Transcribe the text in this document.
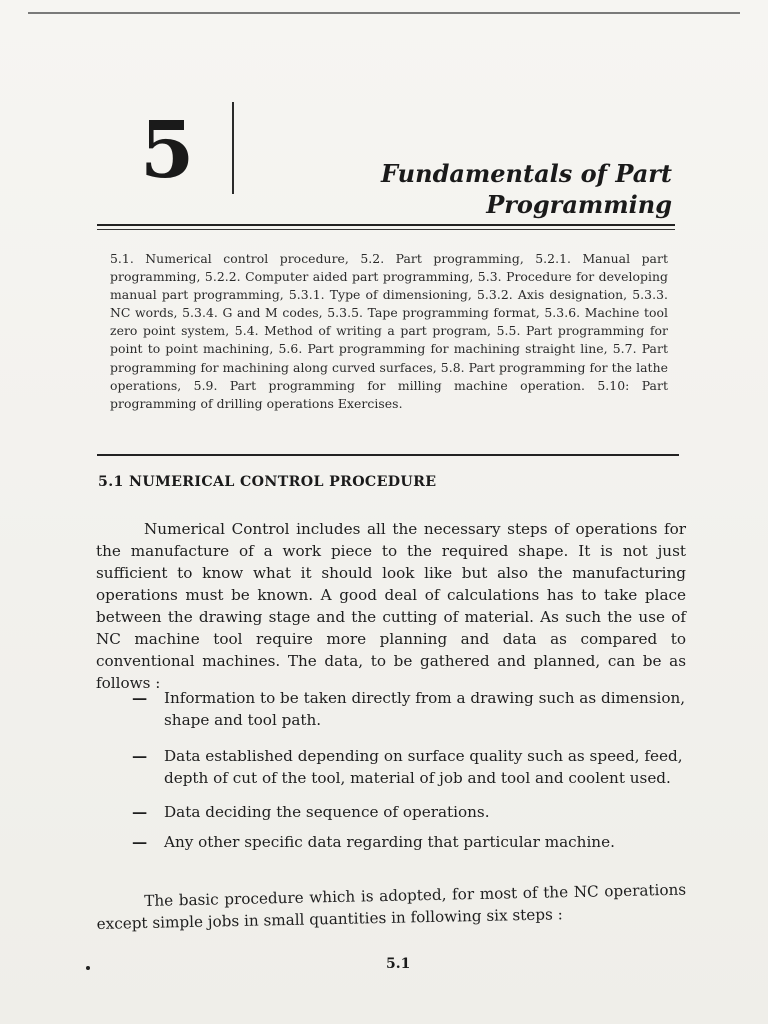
5	Fundamentals of Part
Programming
5.1. Numerical control procedure, 5.2. Part programming, 5.2.1. Manual part programming, 5.2.2. Computer aided part programming, 5.3. Procedure for developing manual part programming, 5.3.1. Type of dimensioning, 5.3.2. Axis designation, 5.3.3. NC words, 5.3.4. G and M codes, 5.3.5. Tape programming format, 5.3.6. Machine tool zero point system, 5.4. Method of writing a part program, 5.5. Part programming for point to point machining, 5.6. Part programming for machining straight line, 5.7. Part programming for machining along curved surfaces, 5.8. Part programming for the lathe operations, 5.9. Part programming for milling machine operation. 5.10: Part programming of drilling operations Exercises.
5.1 NUMERICAL CONTROL PROCEDURE

Numerical Control includes all the necessary steps of operations for the manufacture of a work piece to the required shape. It is not just sufficient to know what it should look like but also the manufacturing operations must be known. A good deal of calculations has to take place between the drawing stage and the cutting of material. As such the use of NC machine tool require more planning and data as compared to conventional machines. The data, to be gathered and planned, can be as follows :

—	Information to be taken directly from a drawing such as dimension, shape and tool path.
—	Data established depending on surface quality such as speed, feed, depth of cut of the tool, material of job and tool and coolent used.
—	Data deciding the sequence of operations.
—	Any other specific data regarding that particular machine.

The basic procedure which is adopted, for most of the NC operations except simple jobs in small quantities in following six steps :

5.1
